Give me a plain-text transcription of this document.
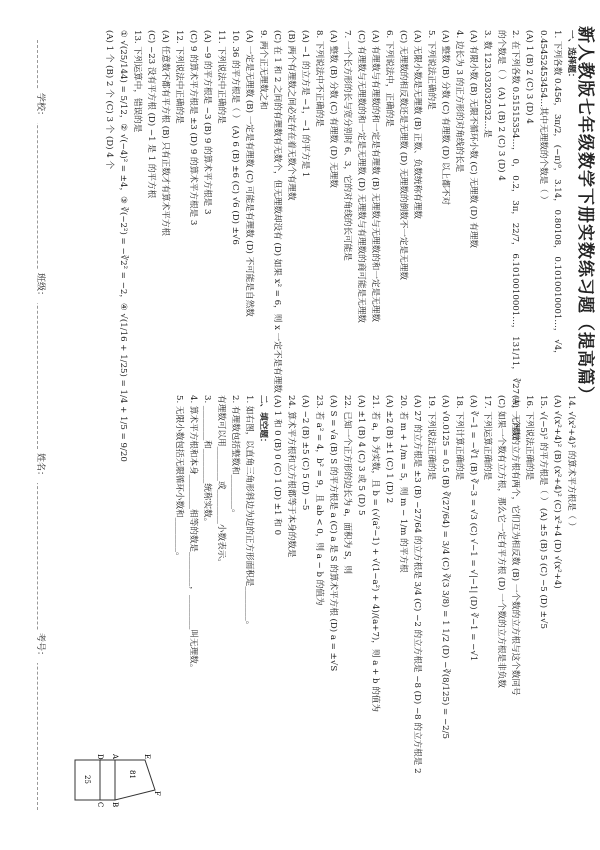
新人教版七年级数学下册实数练习题（提高篇）
一、选择题：
1. 下列各数 0.456， 3π/2， (−π)⁰， 3.14， 0.80108， 0.1010010001…， √4，
0.45452453454…其中无理数的个数是（ ）
(A) 1 (B) 2 (C) 3 (D) 4
2. 在下列各数 0.51515354…， 0， 0.2， 3π， 22/7， 6.1010010001…， 131/11， ∛27 中，无理数
的个数是（ ） (A) 1 (B) 2 (C) 3 (D) 4
3. 数 123.032032032…是
(A) 有限小数 (B) 无限不循环小数 (C) 无理数 (D) 有理数
4. 边长为 3 的正方形的对角线的长是
(A) 整数 (B) 分数 (C) 有理数 (D) 以上都不对
5. 下列说法正确的是
(A) 无限小数是无理数 (B) 正数、负数统称有理数
(C) 无理数的相反数还是无理数 (D) 无理数的倒数不一定是无理数
6. 下列说法中，正确的是
(A) 有理数与有理数的和一定是有理数 (B) 无理数与无理数的和一定是无理数
(C) 有理数与无理数的和一定是无理数 (D) 无理数与有理数的商可能是无理数
7. 一个长方形的长与宽分别时 6、3，它的对角线的长可能是
(A) 整数 (B) 分数 (C) 有理数 (D) 无理数
8. 下列说法中不正确的是
(A) −1 的立方是 −1，−1 的平方是 1
(B) 两个有理数之间必定存在着无数个有理数
(C) 在 1 和 2 之间的有理数有无数个，但无理数却没有 (D) 如果 x² = 6，则 x 一定不是有理数
9. 两个正无理数之和
(A) 一定是无理数 (B) 一定是有理数 (C) 可能是有理数 (D) 不可能是自然数
10. 36 的平方根是（ ） (A) 6 (B) ±6 (C) √6 (D) ±√6
11. 下列说法中正确的是
(A) −9 的平方根是 −3 (B) 9 的算术平方根是 3
(C) 9 的算术平方根是 ±3 (D) 9 的算术平方根是 3
12. 下列说法中正确的是
(A) 任意数不都有平方根 (B) 只有正数才有算术平方根
(C) −23 没有平方根 (D) −1 是 1 的平方根
13. 下列运算中，错误的是
① √(25/144) = 5/12，② √(−4)² = ±4，③ ∛(−2²) = −∛2² = −2，④ √(1/16 + 1/25) = 1/4 + 1/5 = 9/20
(A) 1 个 (B) 2 个 (C) 3 个 (D) 4 个
14. √(x²+4)² 的算术平方根是（ ）
(A) √(x²+4)² (B) (x²+4)² (C) x²+4 (D) √(x²+4)
15. √(−5)² 的平方根是（ ） (A) ±5 (B) 5 (C) −5 (D) ±√5
16. 下列说法正确的是
(A) 一个数的立方根有两个，它们互为相反数 (B) 一个数的立方根与这个数同号
(C) 如果一个数有立方根，那么它一定有平方根 (D) 一个数的立方根是非负数
17. 下列运算正确的是
(A) ∛−1 = −∛1 (B) ∛−3 = √3 (C) √−1 = √|−1| (D) ∛−1 = −√1
18. 下列计算正确的是
(A) √0.0125 = 0.5 (B) ∛(27/64) = 3/4 (C) ∛(3 3/8) = 1 1/2 (D) −∛(8/125) = −2/5
19. 下列说法正确的是
(A) 27 的立方根是 ±3 (B) −27/64 的立方根是 3/4 (C) −2 的立方根是 −8 (D) −8 的立方根是 2
20. 若 m + 1/m = 5，则 m − 1/m 的平方根
(A) ±2 (B) ±1 (C) 1 (D) 2
21. 若 a，b 为实数，且 b = (√(a²−1) + √(1−a²) + 4)/(a+7)，则 a + b 的值为
(A) ±1 (B) 4 (C) 3 或 5 (D) 5
22. 已知一个正方形的边长为 a，面积为 S，则
(A) S = √a (B) S 的平方根是 a (C) a 是 S 的算术平方根 (D) a = ±√S
23. 若 a² = 4，b² = 9，且 ab < 0，则 a − b 的值为
(A) −2 (B) ±5 (C) 5 (D) −5
24. 算术平方根和立方根都等于本身的数是
(A) 1 和 0 (B) 0 (C) 1 (D) ±1 和 0
二、填空题：
1. 如右图，以直角三角形斜边为边的正方形面积是________。
2. 有理数包括整数和________。
有理数可以用________或________小数表示。
3. ________和________统称实数。
4. 算术平方根和本身________相等的数是________，________叫无理数。
5. 无限小数包括无限循环小数和________。
A
B
C
D	E
F
81
25
学校：
班级：
姓名：
考号：
